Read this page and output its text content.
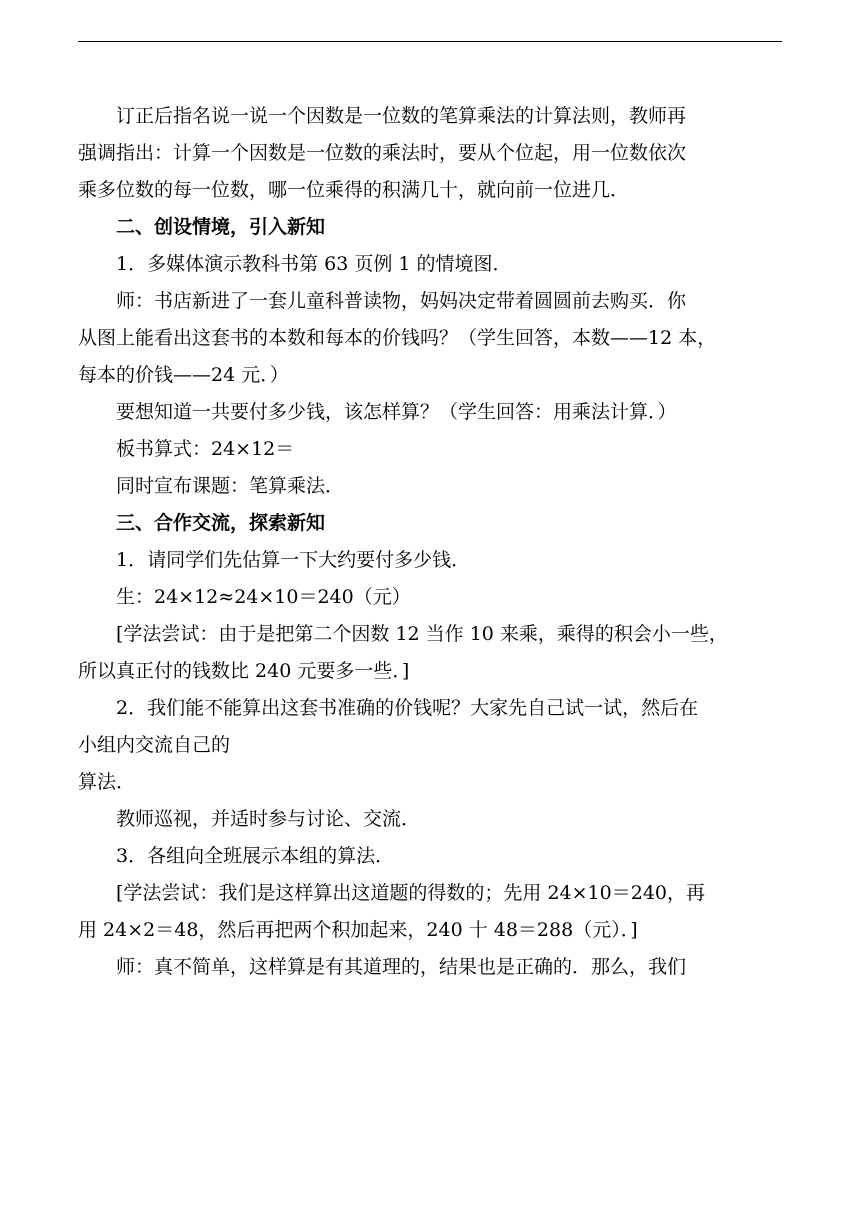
订正后指名说一说一个因数是一位数的笔算乘法的计算法则，教师再
强调指出：计算一个因数是一位数的乘法时，要从个位起，用一位数依次
乘多位数的每一位数，哪一位乘得的积满几十，就向前一位进几．
二、创设情境，引入新知
1．多媒体演示教科书第 63 页例 1 的情境图．
师：书店新进了一套儿童科普读物，妈妈决定带着圆圆前去购买．你
从图上能看出这套书的本数和每本的价钱吗？（学生回答，本数——12 本，
每本的价钱——24 元．）
要想知道一共要付多少钱，该怎样算？（学生回答：用乘法计算．）
板书算式：24×12＝
同时宣布课题：笔算乘法．
三、合作交流，探索新知
1．请同学们先估算一下大约要付多少钱．
生：24×12≈24×10＝240（元）
[学法尝试：由于是把第二个因数 12 当作 10 来乘，乘得的积会小一些，
所以真正付的钱数比 240 元要多一些．]
2．我们能不能算出这套书准确的价钱呢？大家先自己试一试，然后在
小组内交流自己的
算法．
教师巡视，并适时参与讨论、交流．
3．各组向全班展示本组的算法．
[学法尝试：我们是这样算出这道题的得数的；先用 24×10＝240，再
用 24×2＝48，然后再把两个积加起来，240 十 48＝288（元）．]
师：真不简单，这样算是有其道理的，结果也是正确的．那么，我们
